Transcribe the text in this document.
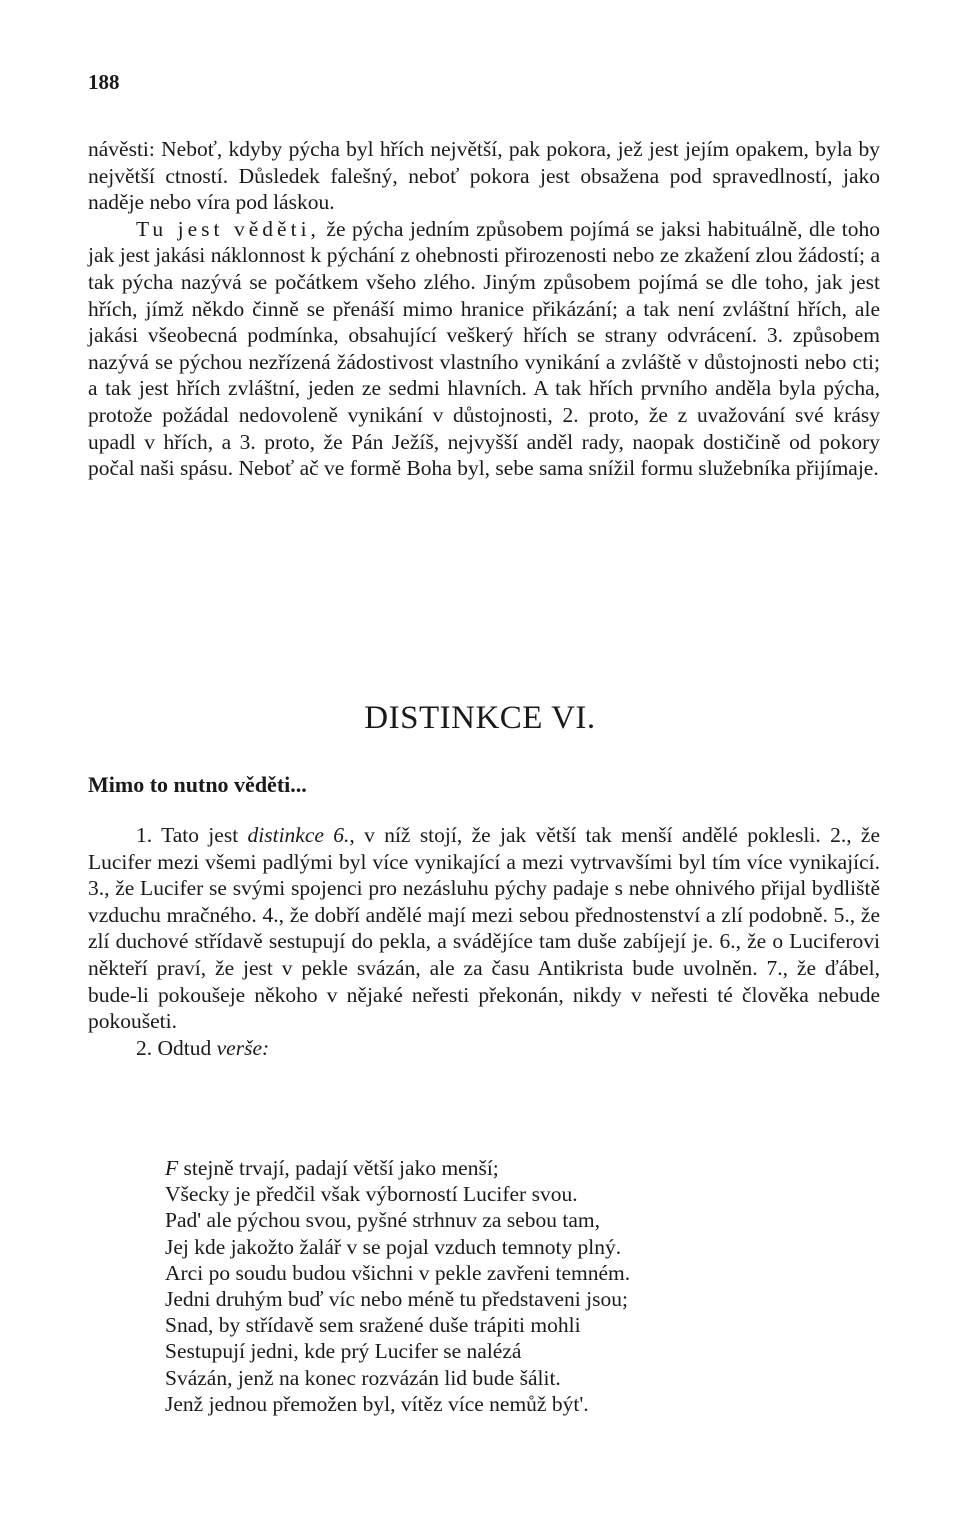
188

návěsti: Neboť, kdyby pýcha byl hřích největší, pak pokora, jež jest jejím opakem, byla by největší ctností. Důsledek falešný, neboť pokora jest obsažena pod spravedlností, jako naděje nebo víra pod láskou.

Tu jest věděti, že pýcha jedním způsobem pojímá se jaksi habituálně, dle toho jak jest jakási náklonnost k pýchání z ohebnosti přirozenosti nebo ze zkažení zlou žádostí; a tak pýcha nazývá se počátkem všeho zlého. Jiným způsobem pojímá se dle toho, jak jest hřích, jímž někdo činně se přenáší mimo hranice přikázání; a tak není zvláštní hřích, ale jakási všeobecná podmínka, obsahující veškerý hřích se strany odvrácení. 3. způsobem nazývá se pýchou nezřízená žádostivost vlastního vynikání a zvláště v důstojnosti nebo cti; a tak jest hřích zvláštní, jeden ze sedmi hlavních. A tak hřích prvního anděla byla pýcha, protože požádal nedovoleně vynikání v důstojnosti, 2. proto, že z uvažování své krásy upadl v hřích, a 3. proto, že Pán Ježíš, nejvyšší anděl rady, naopak dostičině od pokory počal naši spásu. Neboť ač ve formě Boha byl, sebe sama snížil formu služebníka přijímaje.

DISTINKCE VI.
Mimo to nutno věděti...

1. Tato jest distinkce 6., v níž stojí, že jak větší tak menší andělé poklesli. 2., že Lucifer mezi všemi padlými byl více vynikající a mezi vytrvavšími byl tím více vynikající. 3., že Lucifer se svými spojenci pro nezásluhu pýchy padaje s nebe ohnivého přijal bydliště vzduchu mračného. 4., že dobří andělé mají mezi sebou přednostenství a zlí podobně. 5., že zlí duchové střídavě sestupují do pekla, a svádějíce tam duše zabíjejí je. 6., že o Luciferovi někteří praví, že jest v pekle svázán, ale za času Antikrista bude uvolněn. 7., že ďábel, bude-li pokoušeje někoho v nějaké neřesti překonán, nikdy v neřesti té člověka nebude pokoušeti.

2. Odtud verše:

F stejně trvají, padají větší jako menší;
Všecky je předčil však výborností Lucifer svou.
Pad' ale pýchou svou, pyšné strhnuv za sebou tam,
Jej kde jakožto žalář v se pojal vzduch temnoty plný.
Arci po soudu budou všichni v pekle zavřeni temném.
Jedni druhým buď víc nebo méně tu představeni jsou;
Snad, by střídavě sem sražené duše trápiti mohli
Sestupují jedni, kde prý Lucifer se nalézá
Svázán, jenž na konec rozvázán lid bude šálit.
Jenž jednou přemožen byl, vítěz více nemůž být'.
